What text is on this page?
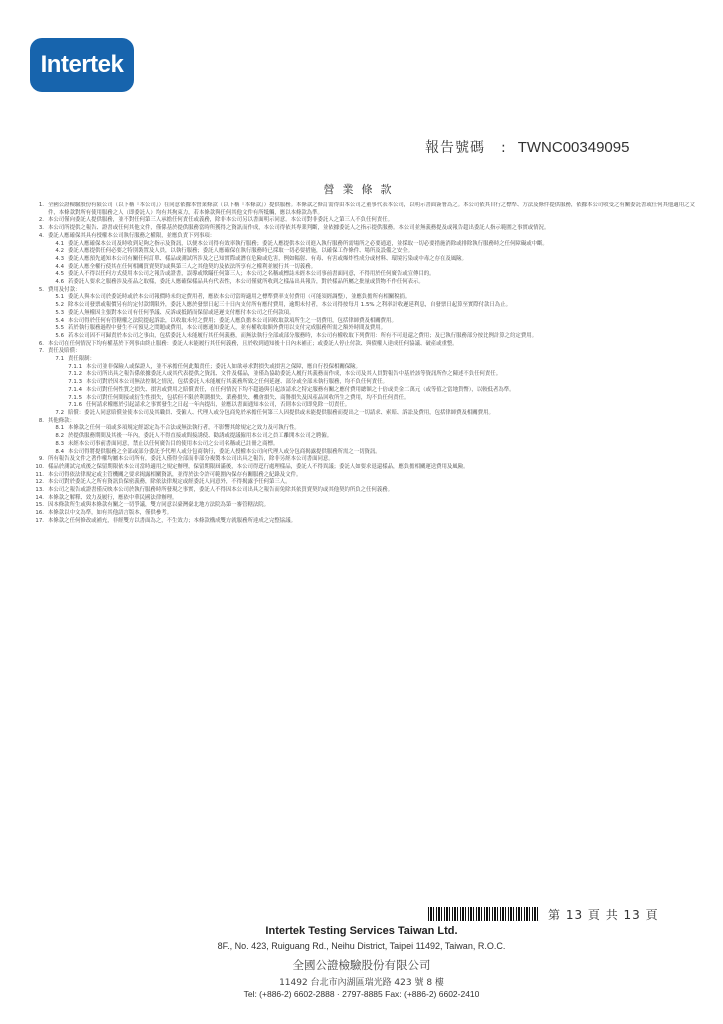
Intertek
報告號碼 : TWNC00349095
營業條款
1. 全國公證檢驗股份有限公司（以下稱『本公司』）在同意依據本營業條款（以下稱『本條款』）提供服務。本條款之修訂需得由本公司之董事代表本公司，以明示書面簽署為之。本公司依其自行之標準、方法及條件提供服務，依據本公司收受之有關委託書或任何其他適用之文件，本條款對所有使用服務之人（即委託人）均有其拘束力，若本條款與任何其他文件有所牴觸，應以本條款為準。
2. 本公司僅向委託人提供服務，並不對任何第三人承擔任何責任或義務，除非本公司另以書面明示同意。本公司對非委託人之第三人不負任何責任。
3. 本公司所提供之報告、證書或任何其他文件，僅係基於提供服務當時所獲得之資訊而作成，本公司得依其專業判斷，並依據委託人之指示提供服務。本公司並無義務提及或報告超出委託人指示範圍之事實或情況。
4. 委託人應確保其具有授權本公司執行服務之權限，並應負責下列事項：
4.1 委託人應確保本公司及時收到足夠之指示及資訊，以便本公司得有效率執行服務；委託人應提供本公司進入執行服務所需場所之必要通道，並採取一切必要措施消除或排除執行服務時之任何障礙或中斷。
4.2 委託人應提供任何必要之特別裝置及人員，以執行服務；委託人應確保在執行服務時已採取一切必要措施，以確保工作條件、場所及設備之安全。
4.3 委託人應預先通知本公司有關任何訂單、樣品或測試所涉及之已知實際或潛在危險或危害，例如輻射、有毒、有害或爆炸性成分或材料、環境污染或中毒之存在及風險。
4.4 委託人應全權行使其在任何相關買賣契約或與第三人之其他契約及依法所享有之權利並履行其一切義務。
4.5 委託人不得以任何方式使用本公司之報告或證書，誤導或欺瞞任何第三人；本公司之名稱或標誌未經本公司事前書面同意，不得用於任何廣告或宣傳目的。
4.6 若委託人要求之服務涉及產品之取樣，委託人應確保樣品具有代表性，本公司僅就所收到之樣品出具報告，對於樣品所屬之批量或貨物不作任何表示。
5. 費用及付款：
5.1 委託人與本公司於委託時或於本公司報價時未約定費用者，應依本公司當時適用之標準費率支付費用（可能須經調整），並應負擔所有相關稅捐。
5.2 除本公司發票或報價另有約定付款期限外，委託人應於發票日起三十日內支付所有應付費用，逾期未付者，本公司得按每月 1.5% 之利率計收遲延利息，自發票日起算至實際付款日為止。
5.3 委託人無權因主張對本公司有任何爭議、反訴或抵銷而保留或延遲支付應付本公司之任何款項。
5.4 本公司得於任何有管轄權之法院提起訴訟，以收取未付之費用；委託人應負擔本公司因收取款項所生之一切費用，包括律師費及相關費用。
5.5 若於執行服務過程中發生不可預見之問題或費用，本公司應通知委託人，並有權收取額外費用以支付完成服務所需之額外時間及費用。
5.6 若本公司因不可歸責於本公司之事由，包括委託人未能履行其任何義務，而無法執行全部或部分服務時，本公司有權收取下列費用：所有不可退還之費用；及已執行服務部分按比例計算之約定費用。
6. 本公司在任何情況下均有權基於下列事由終止服務：委託人未能履行其任何義務，且於收到通知後十日內未補正；或委託人停止付款、與債權人達成任何協議、破產或重整。
7. 責任及賠償：
7.1 責任限制：
7.1.1 本公司並非保險人或保證人，並不承擔任何此類責任；委託人如欲尋求對損失或損害之保障，應自行投保相關保險。
7.1.2 本公司所出具之報告係依據委託人或其代表提供之資訊、文件及樣品，並僅為協助委託人履行其義務而作成，本公司及其人員對報告中基於該等資訊所作之陳述不負任何責任。
7.1.3 本公司對於因本公司無法控制之情況，包括委託人未能履行其義務所致之任何延遲、部分或全部未執行服務，均不負任何責任。
7.1.4 本公司對任何性質之損失、損害或費用之賠償責任，在任何情況下均不超過與引起該請求之特定服務有關之應付費用總額之十倍或美金二萬元（或等值之當地貨幣），以較低者為準。
7.1.5 本公司對任何間接或衍生性損失，包括但不限於利潤損失、業務損失、機會損失、商譽損失及因產品回收所生之費用，均不負任何責任。
7.1.6 任何請求權應於引起請求之事實發生之日起一年內提出，並應以書面通知本公司，否則本公司即免除一切責任。
7.2 賠償：委託人同意賠償並使本公司及其職員、受僱人、代理人或分包商免於承擔任何第三人因提供或未能提供服務而提出之一切請求、索賠、訴訟及費用，包括律師費及相關費用。
8. 其他條款：
8.1 本條款之任何一項或多項規定經認定為不合法或無法執行者，不影響其餘規定之效力及可執行性。
8.2 於提供服務期間及其後一年內，委託人不得直接或間接誘使、勸誘或提議僱用本公司之員工離開本公司之聘僱。
8.3 未經本公司事前書面同意，禁止以任何廣告目的使用本公司之公司名稱或已註冊之商標。
8.4 本公司得將提供服務之全部或部分委託予代理人或分包商執行，委託人授權本公司向代理人或分包商揭露提供服務所需之一切資訊。
9. 所有報告及文件之著作權均屬本公司所有，委託人僅得全部而非部分複製本公司出具之報告，除非另經本公司書面同意。
10. 樣品於測試完成後之保留期限依本公司當時適用之規定辦理，保留期限屆滿後，本公司得逕行處理樣品，委託人不得異議；委託人如要求退還樣品，應負擔相關運送費用及風險。
11. 本公司得依法律規定或主管機關之要求揭露相關資訊，並得於法令許可範圍內保存有關服務之紀錄及文件。
12. 本公司對於委託人之所有資訊負保密義務，除依法律規定或經委託人同意外，不得揭露予任何第三人。
13. 本公司之報告或證書僅反映本公司於執行服務時所發現之事實，委託人不得因本公司出具之報告而免除其依買賣契約或其他契約所負之任何義務。
14. 本條款之解釋、效力及履行，應依中華民國法律辦理。
15. 因本條款所生或與本條款有關之一切爭議，雙方同意以臺灣臺北地方法院為第一審管轄法院。
16. 本條款以中文為準，如有其他語言版本，僅供參考。
17. 本條款之任何修改或補充，非經雙方以書面為之，不生效力；本條款構成雙方就服務所達成之完整協議。
第 13 頁 共 13 頁
Intertek Testing Services Taiwan Ltd.
8F., No. 423, Ruiguang Rd., Neihu District, Taipei 11492, Taiwan, R.O.C.
全國公證檢驗股份有限公司
11492 台北市內湖區瑞光路 423 號 8 樓
Tel: (+886-2) 6602-2888 · 2797-8885 Fax: (+886-2) 6602-2410
